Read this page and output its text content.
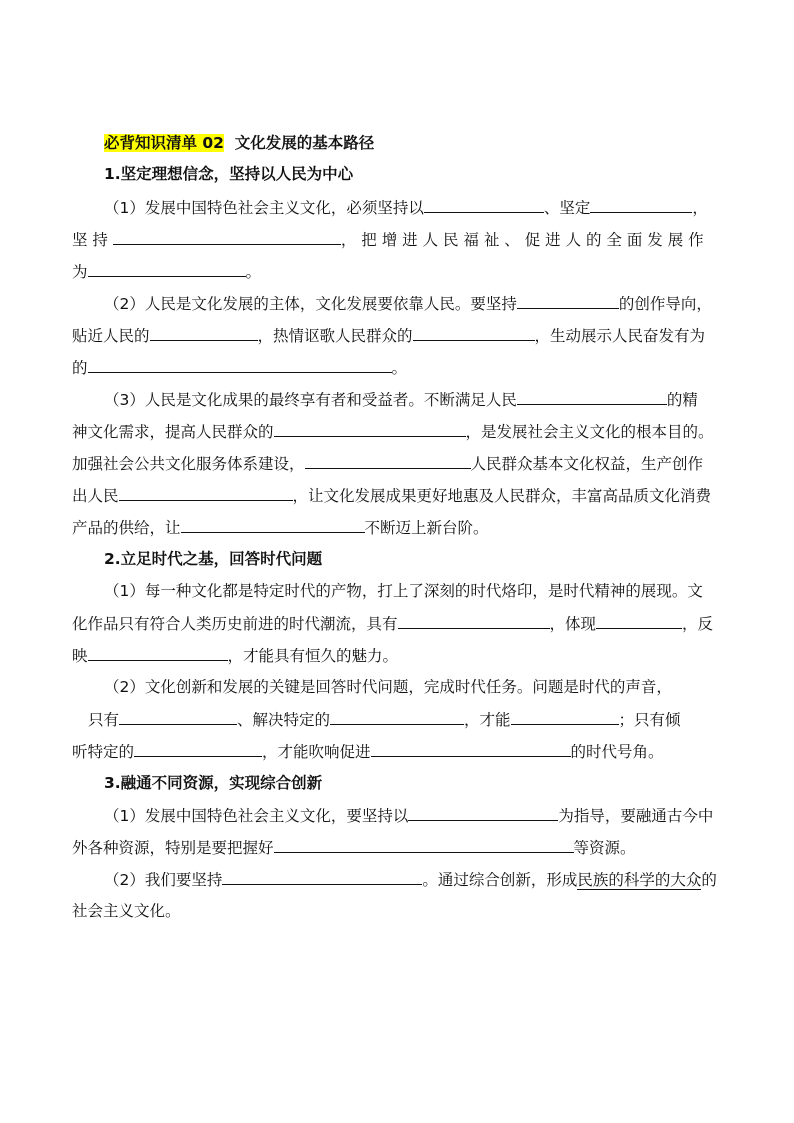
必背知识清单 02  文化发展的基本路径
1.坚定理想信念，坚持以人民为中心
（1）发展中国特色社会主义文化，必须坚持以	、坚定	，
坚 持	， 把 增 进 人 民 福 祉 、 促 进 人 的 全 面 发 展 作
为	。
（2）人民是文化发展的主体，文化发展要依靠人民。要坚持	的创作导向，
贴近人民的	，热情讴歌人民群众的	，生动展示人民奋发有为
的	。
（3）人民是文化成果的最终享有者和受益者。不断满足人民	的精
神文化需求，提高人民群众的	，是发展社会主义文化的根本目的。
加强社会公共文化服务体系建设，	人民群众基本文化权益，生产创作
出人民	，让文化发展成果更好地惠及人民群众，丰富高品质文化消费
产品的供给，让	不断迈上新台阶。
2.立足时代之基，回答时代问题
（1）每一种文化都是特定时代的产物，打上了深刻的时代烙印，是时代精神的展现。文
化作品只有符合人类历史前进的时代潮流，具有	，体现	，反
映	，才能具有恒久的魅力。
（2）文化创新和发展的关键是回答时代问题，完成时代任务。问题是时代的声音，
只有	、解决特定的	，才能	；只有倾
听特定的	，才能吹响促进	的时代号角。
3.融通不同资源，实现综合创新
（1）发展中国特色社会主义文化，要坚持以	为指导，要融通古今中
外各种资源，特别是要把握好	等资源。
（2）我们要坚持	。通过综合创新，形成民族的科学的大众的
社会主义文化。
